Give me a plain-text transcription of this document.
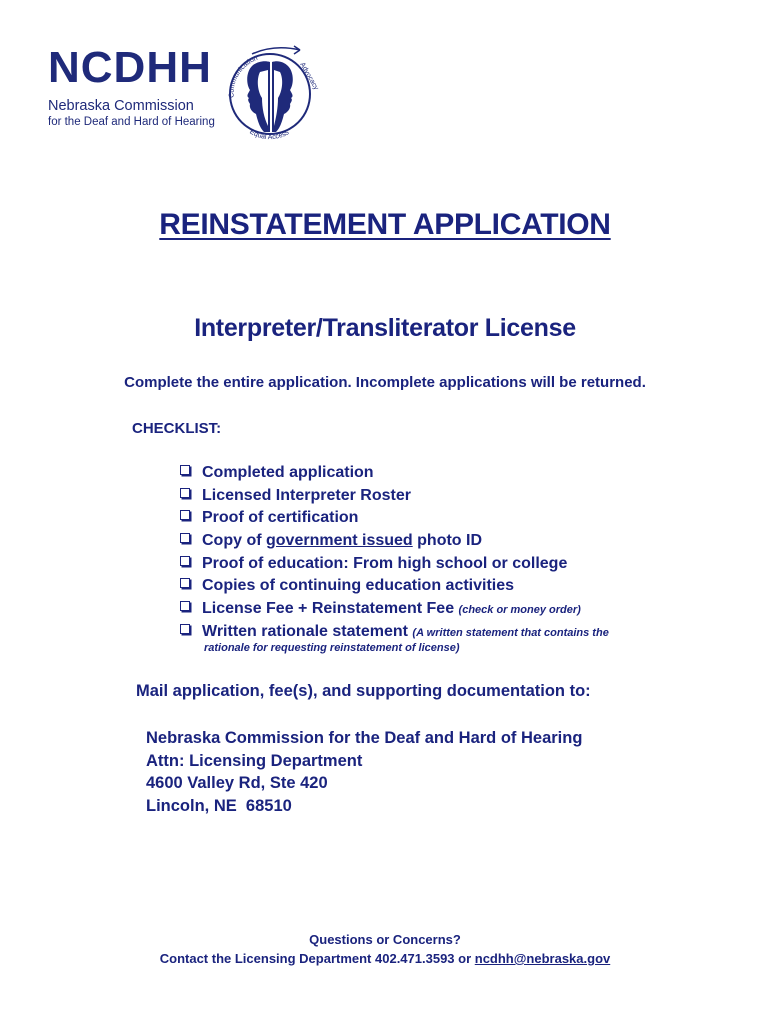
NCDHH
Nebraska Commission
for the Deaf and Hard of Hearing
Communication
Advocacy
Equal Access
REINSTATEMENT APPLICATION
Interpreter/Transliterator License
Complete the entire application. Incomplete applications will be returned.
CHECKLIST:
Completed application
Licensed Interpreter Roster
Proof of certification
Copy of government issued photo ID
Proof of education: From high school or college
Copies of continuing education activities
License Fee + Reinstatement Fee (check or money order)
Written rationale statement (A written statement that contains the
rationale for requesting reinstatement of license)
Mail application, fee(s), and supporting documentation to:
Nebraska Commission for the Deaf and Hard of Hearing
Attn: Licensing Department
4600 Valley Rd, Ste 420
Lincoln, NE  68510
Questions or Concerns?
Contact the Licensing Department 402.471.3593 or ncdhh@nebraska.gov
